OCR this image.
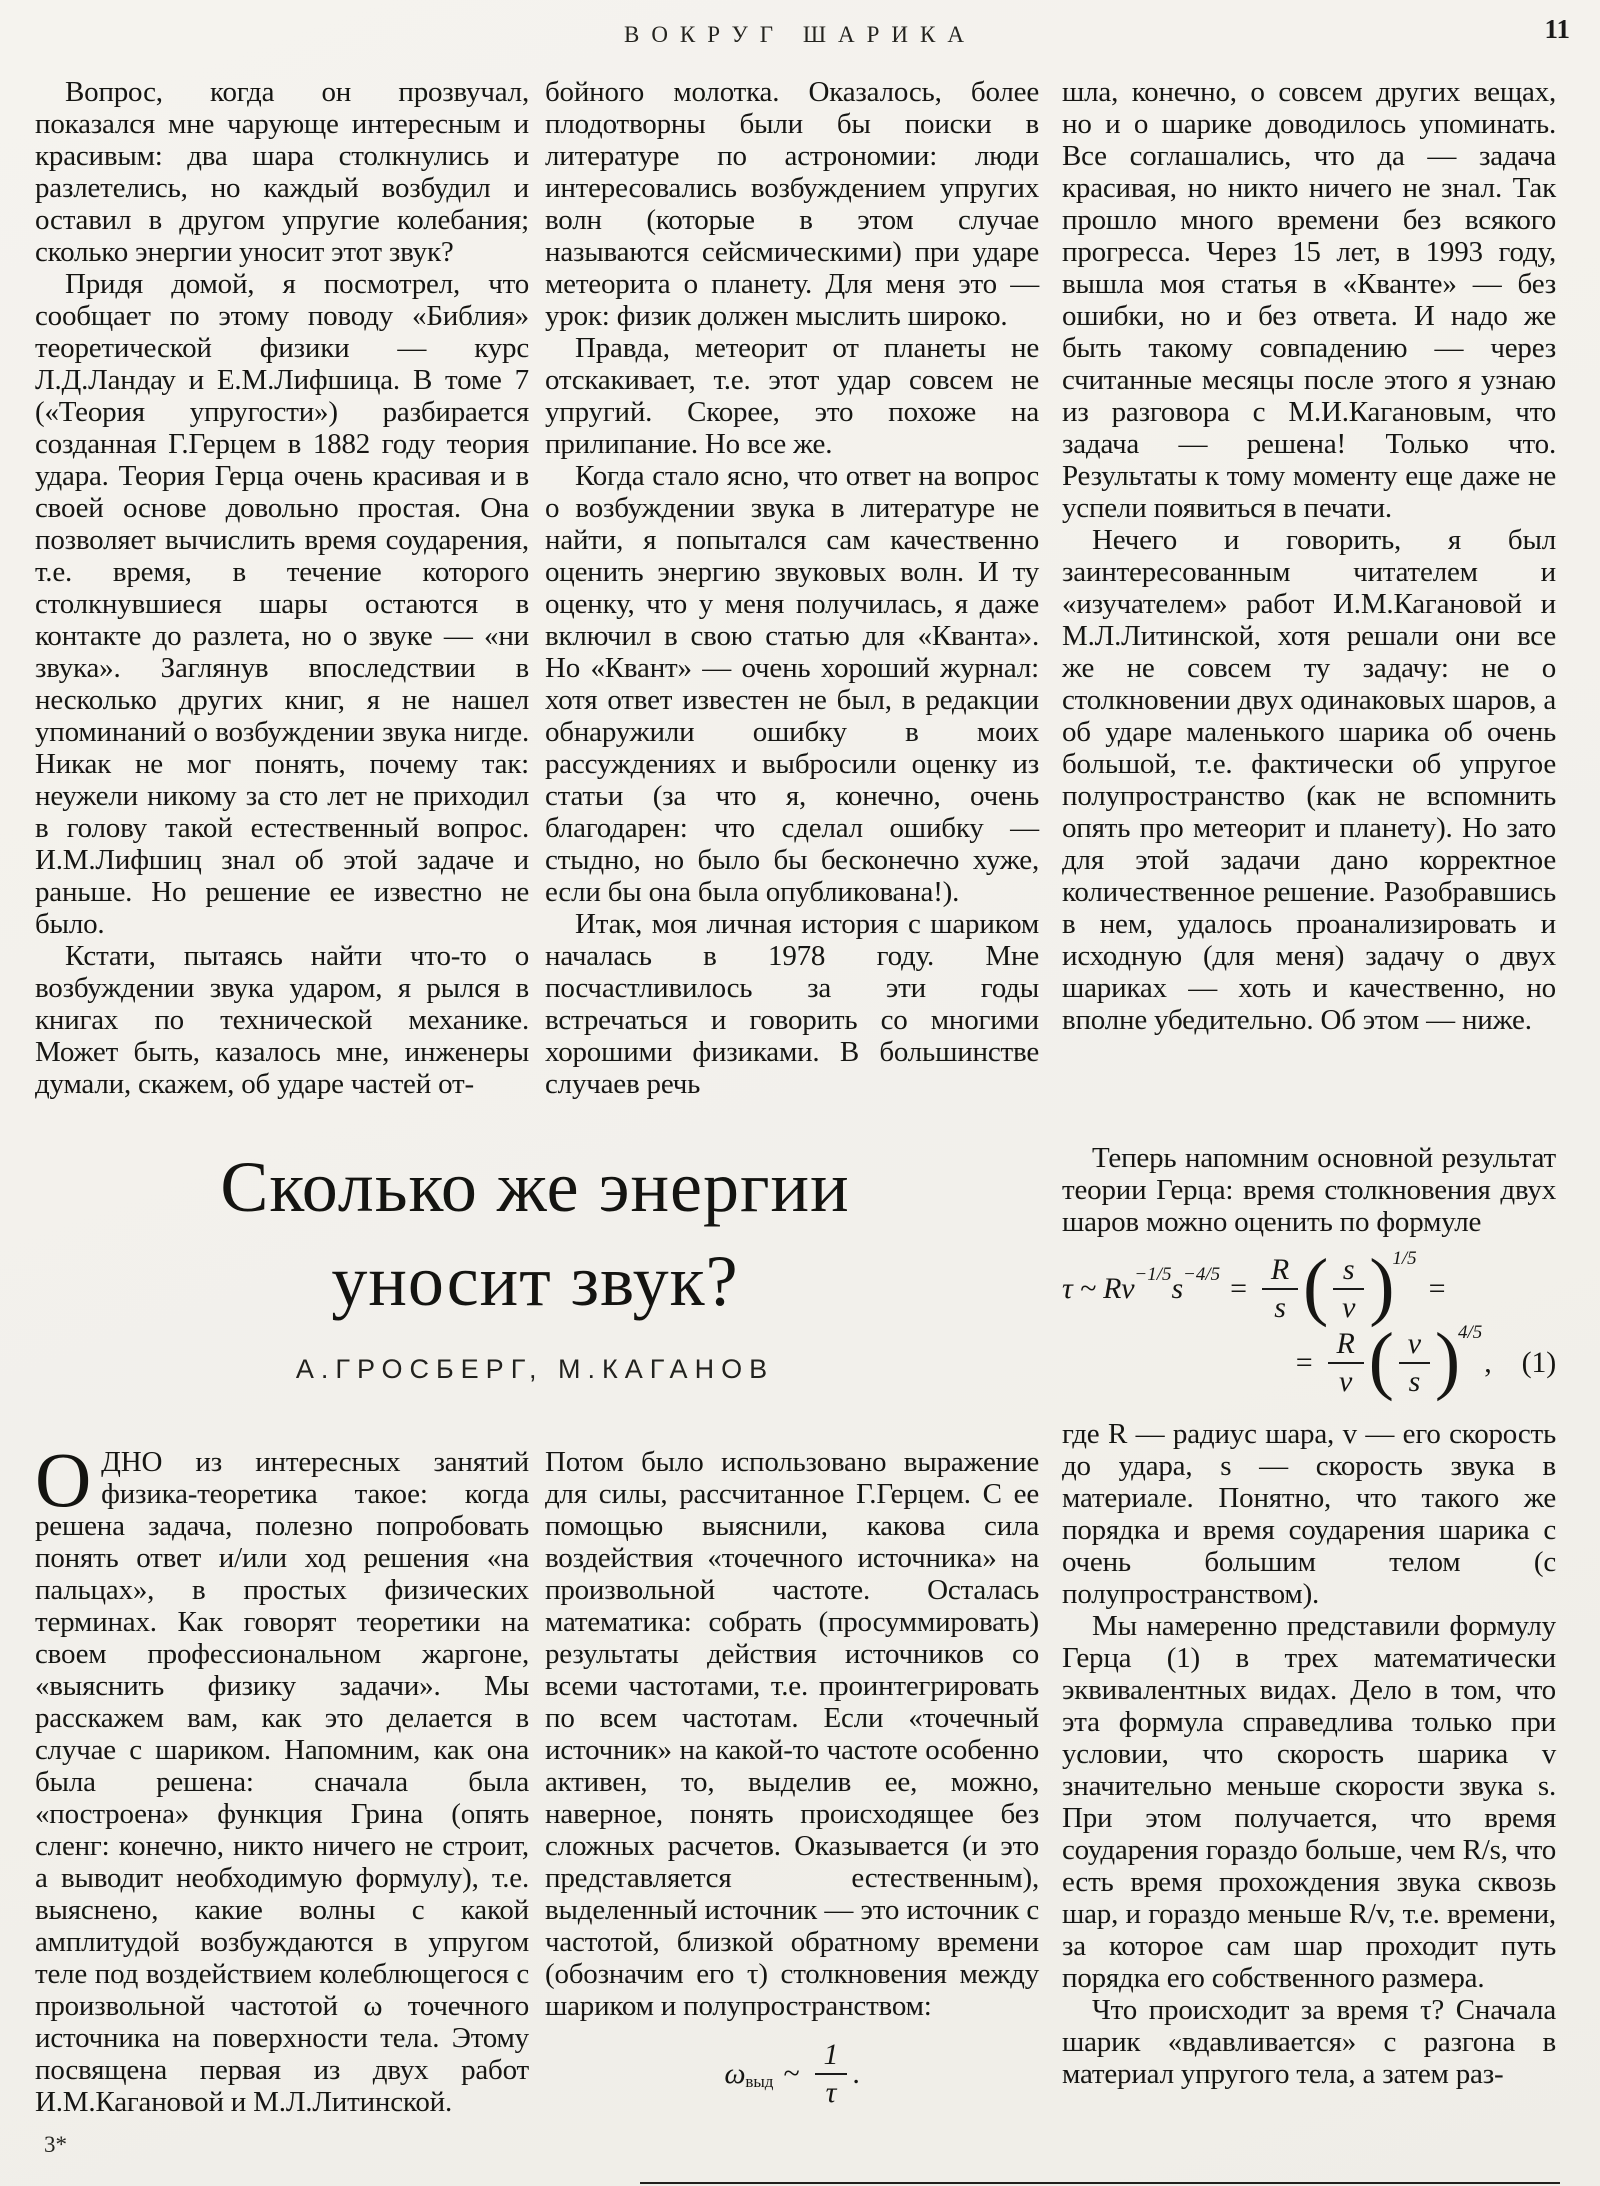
ВОКРУГ ШАРИКА	11

Вопрос, когда он прозвучал, показался мне чарующе интересным и красивым: два шара столкнулись и разлетелись, но каждый возбудил и оставил в другом упругие колебания; сколько энергии уносит этот звук?

Придя домой, я посмотрел, что сообщает по этому поводу «Библия» теоретической физики — курс Л.Д.Ландау и Е.М.Лифшица. В томе 7 («Теория упругости») разбирается созданная Г.Герцем в 1882 году теория удара. Теория Герца очень красивая и в своей основе довольно простая. Она позволяет вычислить время соударения, т.е. время, в течение которого столкнувшиеся шары остаются в контакте до разлета, но о звуке — «ни звука». Заглянув впоследствии в несколько других книг, я не нашел упоминаний о возбуждении звука нигде. Никак не мог понять, почему так: неужели никому за сто лет не приходил в голову такой естественный вопрос. И.М.Лифшиц знал об этой задаче и раньше. Но решение ее известно не было.

Кстати, пытаясь найти что-то о возбуждении звука ударом, я рылся в книгах по технической механике. Может быть, казалось мне, инженеры думали, скажем, об ударе частей от-

бойного молотка. Оказалось, более плодотворны были бы поиски в литературе по астрономии: люди интересовались возбуждением упругих волн (которые в этом случае называются сейсмическими) при ударе метеорита о планету. Для меня это — урок: физик должен мыслить широко.

Правда, метеорит от планеты не отскакивает, т.е. этот удар совсем не упругий. Скорее, это похоже на прилипание. Но все же.

Когда стало ясно, что ответ на вопрос о возбуждении звука в литературе не найти, я попытался сам качественно оценить энергию звуковых волн. И ту оценку, что у меня получилась, я даже включил в свою статью для «Кванта». Но «Квант» — очень хороший журнал: хотя ответ известен не был, в редакции обнаружили ошибку в моих рассуждениях и выбросили оценку из статьи (за что я, конечно, очень благодарен: что сделал ошибку — стыдно, но было бы бесконечно хуже, если бы она была опубликована!).

Итак, моя личная история с шариком началась в 1978 году. Мне посчастливилось за эти годы встречаться и говорить со многими хорошими физиками. В большинстве случаев речь

шла, конечно, о совсем других вещах, но и о шарике доводилось упоминать. Все соглашались, что да — задача красивая, но никто ничего не знал. Так прошло много времени без всякого прогресса. Через 15 лет, в 1993 году, вышла моя статья в «Кванте» — без ошибки, но и без ответа. И надо же быть такому совпадению — через считанные месяцы после этого я узнаю из разговора с М.И.Кагановым, что задача — решена! Только что. Результаты к тому моменту еще даже не успели появиться в печати.

Нечего и говорить, я был заинтересованным читателем и «изучателем» работ И.М.Кагановой и М.Л.Литинской, хотя решали они все же не совсем ту задачу: не о столкновении двух одинаковых шаров, а об ударе маленького шарика об очень большой, т.е. фактически об упругое полупространство (как не вспомнить опять про метеорит и планету). Но зато для этой задачи дано корректное количественное решение. Разобравшись в нем, удалось проанализировать и исходную (для меня) задачу о двух шариках — хоть и качественно, но вполне убедительно. Об этом — ниже.

Сколько же энергии
уносит звук?
А.ГРОСБЕРГ, М.КАГАНОВ

ОДНО из интересных занятий физика-теоретика такое: когда решена задача, полезно попробовать понять ответ и/или ход решения «на пальцах», в простых физических терминах. Как говорят теоретики на своем профессиональном жаргоне, «выяснить физику задачи». Мы расскажем вам, как это делается в случае с шариком. Напомним, как она была решена: сначала была «построена» функция Грина (опять сленг: конечно, никто ничего не строит, а выводит необходимую формулу), т.е. выяснено, какие волны с какой амплитудой возбуждаются в упругом теле под воздействием колеблющегося с произвольной частотой ω точечного источника на поверхности тела. Этому посвящена первая из двух работ И.М.Кагановой и М.Л.Литинской.

Потом было использовано выражение для силы, рассчитанное Г.Герцем. С ее помощью выяснили, какова сила воздействия «точечного источника» на произвольной частоте. Осталась математика: собрать (просуммировать) результаты действия источников со всеми частотами, т.е. проинтегрировать по всем частотам. Если «точечный источник» на какой-то частоте особенно активен, то, выделив ее, можно, наверное, понять происходящее без сложных расчетов. Оказывается (и это представляется естественным), выделенный источник — это источник с частотой, близкой обратному времени (обозначим его τ) столкновения между шариком и полупространством:

$\omega_{выд}$ ~ $\frac{1}{\tau}$ .

Теперь напомним основной результат теории Герца: время столкновения двух шаров можно оценить по формуле

τ ~ $Rv^{-1/5}$ $s^{-4/5} = \frac{R}{s}$ ( $\frac{s}{v}$ )
$^{1/5}$
=
= $\frac{R}{v}$ ( $\frac{v}{s}$ )
$^{4/5}$
, (1)

где R — радиус шара, v — его скорость до удара, s — скорость звука в материале. Понятно, что такого же порядка и время соударения шарика с очень большим телом (с полупространством).

Мы намеренно представили формулу Герца (1) в трех математически эквивалентных видах. Дело в том, что эта формула справедлива только при условии, что скорость шарика v значительно меньше скорости звука s. При этом получается, что время соударения гораздо больше, чем R/s, что есть время прохождения звука сквозь шар, и гораздо меньше R/v, т.е. времени, за которое сам шар проходит путь порядка его собственного размера.

Что происходит за время τ? Сначала шарик «вдавливается» с разгона в материал упругого тела, а затем раз-

3*
